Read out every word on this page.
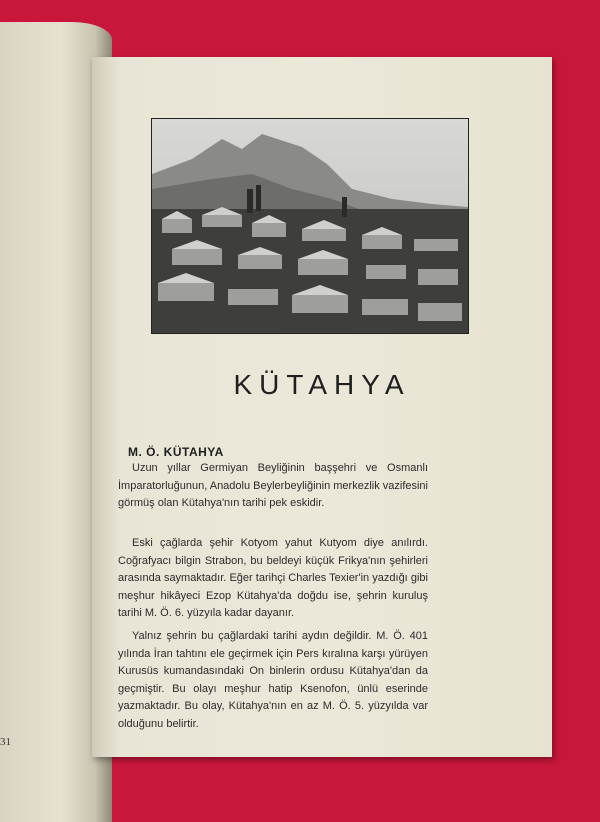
31
KÜTAHYA
M. Ö. KÜTAHYA

Uzun yıllar Germiyan Beyliğinin başşehri ve Osmanlı İmparatorluğunun, Anadolu Beylerbeyliğinin merkezlik vazifesini görmüş olan Kütahya'nın tarihi pek eskidir.

Eski çağlarda şehir Kotyom yahut Kutyom diye anılırdı. Coğrafyacı bilgin Strabon, bu beldeyi küçük Frikya'nın şehirleri arasında saymaktadır. Eğer tarihçi Charles Texier'in yazdığı gibi meşhur hikâyeci Ezop Kütahya'da doğdu ise, şehrin kuruluş tarihi M. Ö. 6. yüzyıla kadar dayanır.

Yalnız şehrin bu çağlardaki tarihi aydın değildir. M. Ö. 401 yılında İran tahtını ele geçirmek için Pers kıralına karşı yürüyen Kurusüs kumandasındaki On binlerin ordusu Kütahya'dan da geçmiştir. Bu olayı meşhur hatip Ksenofon, ünlü eserinde yazmaktadır. Bu olay, Kütahya'nın en az M. Ö. 5. yüzyılda var olduğunu belirtir.
